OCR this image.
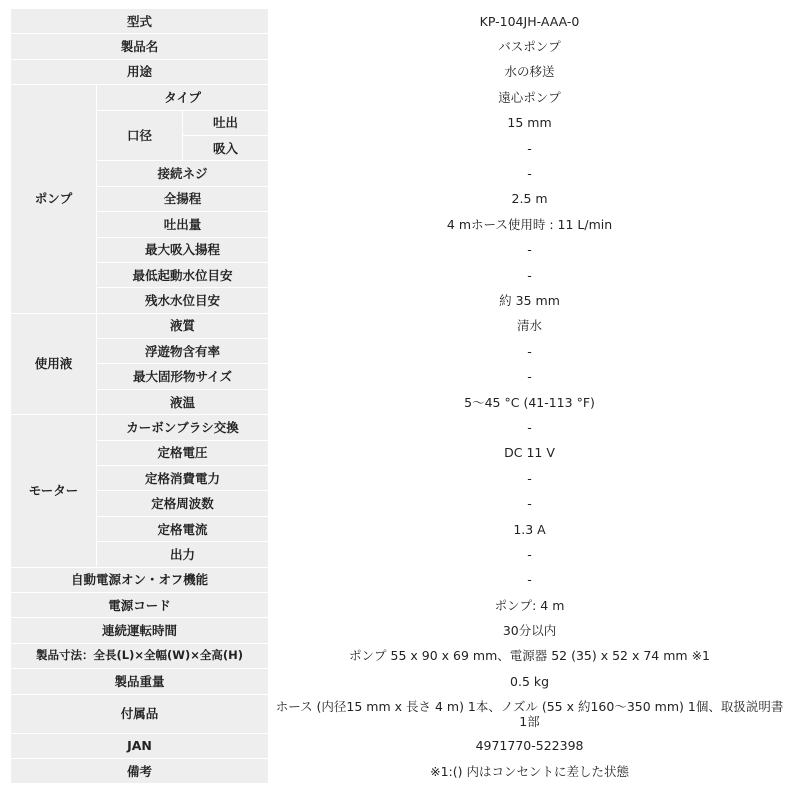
型式			KP-104JH-AAA-0
製品名			バスポンプ
用途			水の移送
ポンプ	タイプ		遠心ポンプ
	口径	吐出	15 mm
		吸入	-
	接続ネジ		-
	全揚程		2.5 m
	吐出量		4 mホース使用時 : 11 L/min
	最大吸入揚程		-
	最低起動水位目安		-
	残水水位目安		約 35 mm
使用液	液質		清水
	浮遊物含有率		-
	最大固形物サイズ		-
	液温		5〜45 °C (41-113 °F)
モーター	カーボンブラシ交換		-
	定格電圧		DC 11 V
	定格消費電力		-
	定格周波数		-
	定格電流		1.3 A
	出力		-
自動電源オン・オフ機能			-
電源コード			ポンプ: 4 m
連続運転時間			30分以内
製品寸法：全長(L)×全幅(W)×全高(H)			ポンプ 55 x 90 x 69 mm、電源器 52 (35) x 52 x 74 mm ※1
製品重量			0.5 kg
付属品			ホース (内径15 mm x 長さ 4 m) 1本、ノズル (55 x 約160〜350 mm) 1個、取扱説明書 1部
JAN			4971770-522398
備考			※1:() 内はコンセントに差した状態
